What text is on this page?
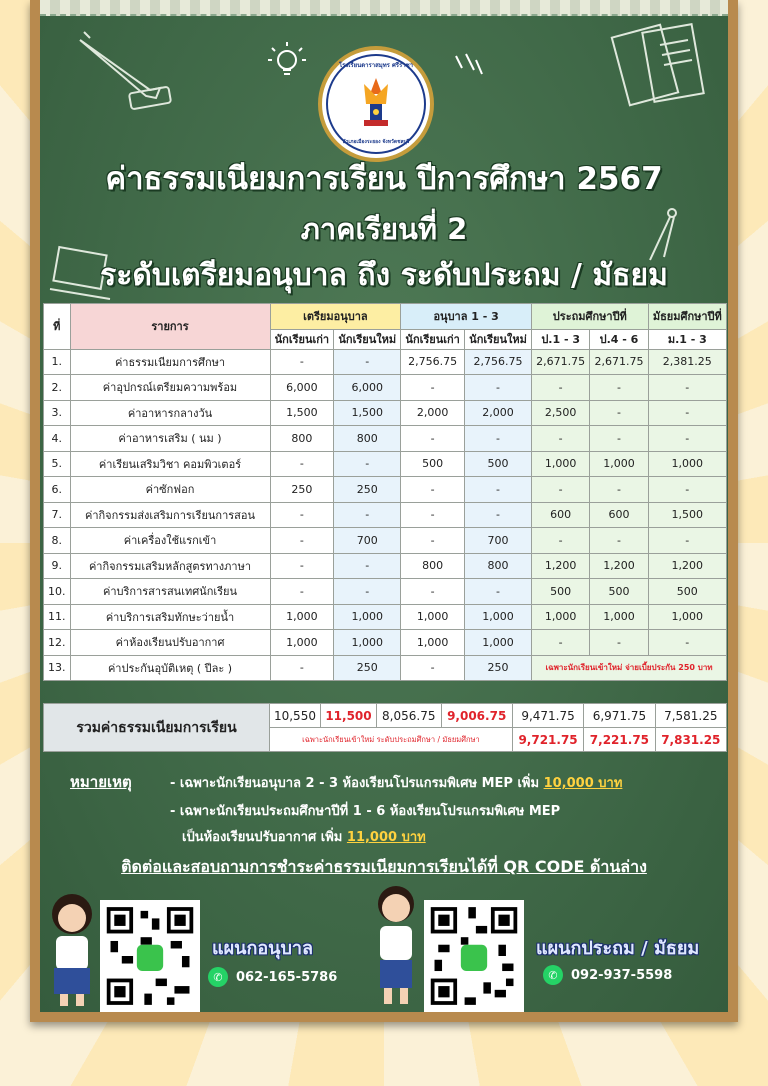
โรงเรียนดาราสมุทร ศรีราชา
อำเภอเมืองระยอง จังหวัดชลบุรี
ค่าธรรมเนียมการเรียน ปีการศึกษา 2567
ภาคเรียนที่ 2
ระดับเตรียมอนุบาล ถึง ระดับประถม / มัธยม
ที่	รายการ	เตรียมอนุบาล		อนุบาล 1 - 3		ประถมศึกษาปีที่		มัธยมศึกษาปีที่
		นักเรียนเก่า	นักเรียนใหม่	นักเรียนเก่า	นักเรียนใหม่	ป.1 - 3	ป.4 - 6	ม.1 - 3
1.	ค่าธรรมเนียมการศึกษา	-	-	2,756.75	2,756.75	2,671.75	2,671.75	2,381.25
2.	ค่าอุปกรณ์เตรียมความพร้อม	6,000	6,000	-	-	-	-	-
3.	ค่าอาหารกลางวัน	1,500	1,500	2,000	2,000	2,500	-	-
4.	ค่าอาหารเสริม ( นม )	800	800	-	-	-	-	-
5.	ค่าเรียนเสริมวิชา คอมพิวเตอร์	-	-	500	500	1,000	1,000	1,000
6.	ค่าซักฟอก	250	250	-	-	-	-	-
7.	ค่ากิจกรรมส่งเสริมการเรียนการสอน	-	-	-	-	600	600	1,500
8.	ค่าเครื่องใช้แรกเข้า	-	700	-	700	-	-	-
9.	ค่ากิจกรรมเสริมหลักสูตรทางภาษา	-	-	800	800	1,200	1,200	1,200
10.	ค่าบริการสารสนเทศนักเรียน	-	-	-	-	500	500	500
11.	ค่าบริการเสริมทักษะว่ายน้ำ	1,000	1,000	1,000	1,000	1,000	1,000	1,000
12.	ค่าห้องเรียนปรับอากาศ	1,000	1,000	1,000	1,000	-	-	-
13.	ค่าประกันอุบัติเหตุ ( ปีละ )	-	250	-	250	เฉพาะนักเรียนเข้าใหม่ จ่ายเบี้ยประกัน 250 บาท		
รวมค่าธรรมเนียมการเรียน	10,550	11,500	8,056.75	9,006.75	9,471.75	6,971.75	7,581.25
	เฉพาะนักเรียนเข้าใหม่ ระดับประถมศึกษา / มัธยมศึกษา				9,721.75	7,221.75	7,831.25
หมายเหตุ	- เฉพาะนักเรียนอนุบาล 2 - 3 ห้องเรียนโปรแกรมพิเศษ MEP เพิ่ม 10,000 บาท
- เฉพาะนักเรียนประถมศึกษาปีที่ 1 - 6 ห้องเรียนโปรแกรมพิเศษ MEP
เป็นห้องเรียนปรับอากาศ เพิ่ม 11,000 บาท
ติดต่อและสอบถามการชำระค่าธรรมเนียมการเรียนได้ที่ QR CODE ด้านล่าง
แผนกอนุบาล
✆	062-165-5786
แผนกประถม / มัธยม
✆	092-937-5598
